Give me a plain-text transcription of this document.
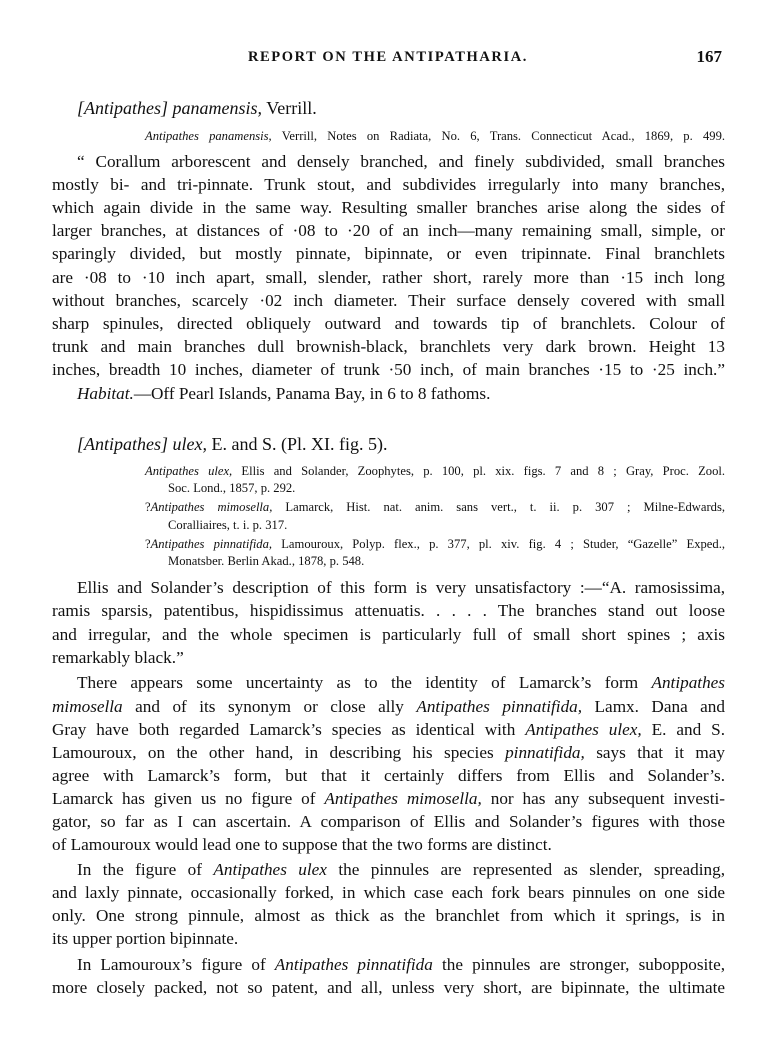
REPORT ON THE ANTIPATHARIA.	167
[Antipathes] panamensis, Verrill.
Antipathes panamensis, Verrill, Notes on Radiata, No. 6, Trans. Connecticut Acad., 1869, p. 499.
“ Corallum arborescent and densely branched, and finely subdivided, small branches
mostly bi- and tri-pinnate. Trunk stout, and subdivides irregularly into many branches,
which again divide in the same way. Resulting smaller branches arise along the sides of
larger branches, at distances of ·08 to ·20 of an inch—many remaining small, simple, or
sparingly divided, but mostly pinnate, bipinnate, or even tripinnate. Final branchlets
are ·08 to ·10 inch apart, small, slender, rather short, rarely more than ·15 inch long
without branches, scarcely ·02 inch diameter. Their surface densely covered with small
sharp spinules, directed obliquely outward and towards tip of branchlets. Colour of
trunk and main branches dull brownish-black, branchlets very dark brown. Height 13
inches, breadth 10 inches, diameter of trunk ·50 inch, of main branches ·15 to ·25 inch.”
Habitat.—Off Pearl Islands, Panama Bay, in 6 to 8 fathoms.
[Antipathes] ulex, E. and S. (Pl. XI. fig. 5).
Antipathes ulex, Ellis and Solander, Zoophytes, p. 100, pl. xix. figs. 7 and 8 ; Gray, Proc. Zool.
Soc. Lond., 1857, p. 292.
?Antipathes mimosella, Lamarck, Hist. nat. anim. sans vert., t. ii. p. 307 ; Milne-Edwards,
Coralliaires, t. i. p. 317.
?Antipathes pinnatifida, Lamouroux, Polyp. flex., p. 377, pl. xiv. fig. 4 ; Studer, “Gazelle” Exped.,
Monatsber. Berlin Akad., 1878, p. 548.
Ellis and Solander’s description of this form is very unsatisfactory :—“A. ramosissima,
ramis sparsis, patentibus, hispidissimus attenuatis. . . . . The branches stand out loose
and irregular, and the whole specimen is particularly full of small short spines ; axis
remarkably black.”
There appears some uncertainty as to the identity of Lamarck’s form Antipathes
mimosella and of its synonym or close ally Antipathes pinnatifida, Lamx. Dana and
Gray have both regarded Lamarck’s species as identical with Antipathes ulex, E. and S.
Lamouroux, on the other hand, in describing his species pinnatifida, says that it may
agree with Lamarck’s form, but that it certainly differs from Ellis and Solander’s.
Lamarck has given us no figure of Antipathes mimosella, nor has any subsequent investi-
gator, so far as I can ascertain. A comparison of Ellis and Solander’s figures with those
of Lamouroux would lead one to suppose that the two forms are distinct.
In the figure of Antipathes ulex the pinnules are represented as slender, spreading,
and laxly pinnate, occasionally forked, in which case each fork bears pinnules on one side
only. One strong pinnule, almost as thick as the branchlet from which it springs, is in
its upper portion bipinnate.
In Lamouroux’s figure of Antipathes pinnatifida the pinnules are stronger, subopposite,
more closely packed, not so patent, and all, unless very short, are bipinnate, the ultimate
